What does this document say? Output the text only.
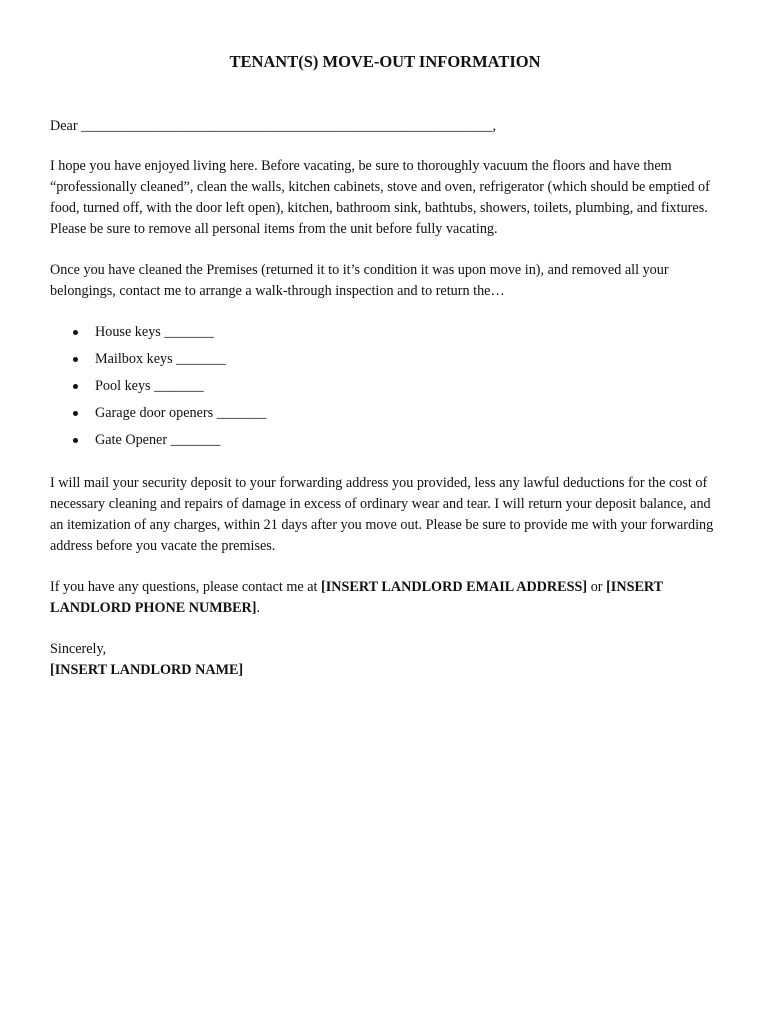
TENANT(S) MOVE-OUT INFORMATION

Dear __________________________________________________________,

I hope you have enjoyed living here. Before vacating, be sure to thoroughly vacuum the floors and have them “professionally cleaned”, clean the walls, kitchen cabinets, stove and oven, refrigerator (which should be emptied of food, turned off, with the door left open), kitchen, bathroom sink, bathtubs, showers, toilets, plumbing, and fixtures. Please be sure to remove all personal items from the unit before fully vacating.

Once you have cleaned the Premises (returned it to it’s condition it was upon move in), and removed all your belongings, contact me to arrange a walk-through inspection and to return the…

House keys _______
Mailbox keys _______
Pool keys _______
Garage door openers _______
Gate Opener _______

I will mail your security deposit to your forwarding address you provided, less any lawful deductions for the cost of necessary cleaning and repairs of damage in excess of ordinary wear and tear. I will return your deposit balance, and an itemization of any charges, within 21 days after you move out. Please be sure to provide me with your forwarding address before you vacate the premises.

If you have any questions, please contact me at [INSERT LANDLORD EMAIL ADDRESS] or [INSERT LANDLORD PHONE NUMBER].

Sincerely,
[INSERT LANDLORD NAME]
